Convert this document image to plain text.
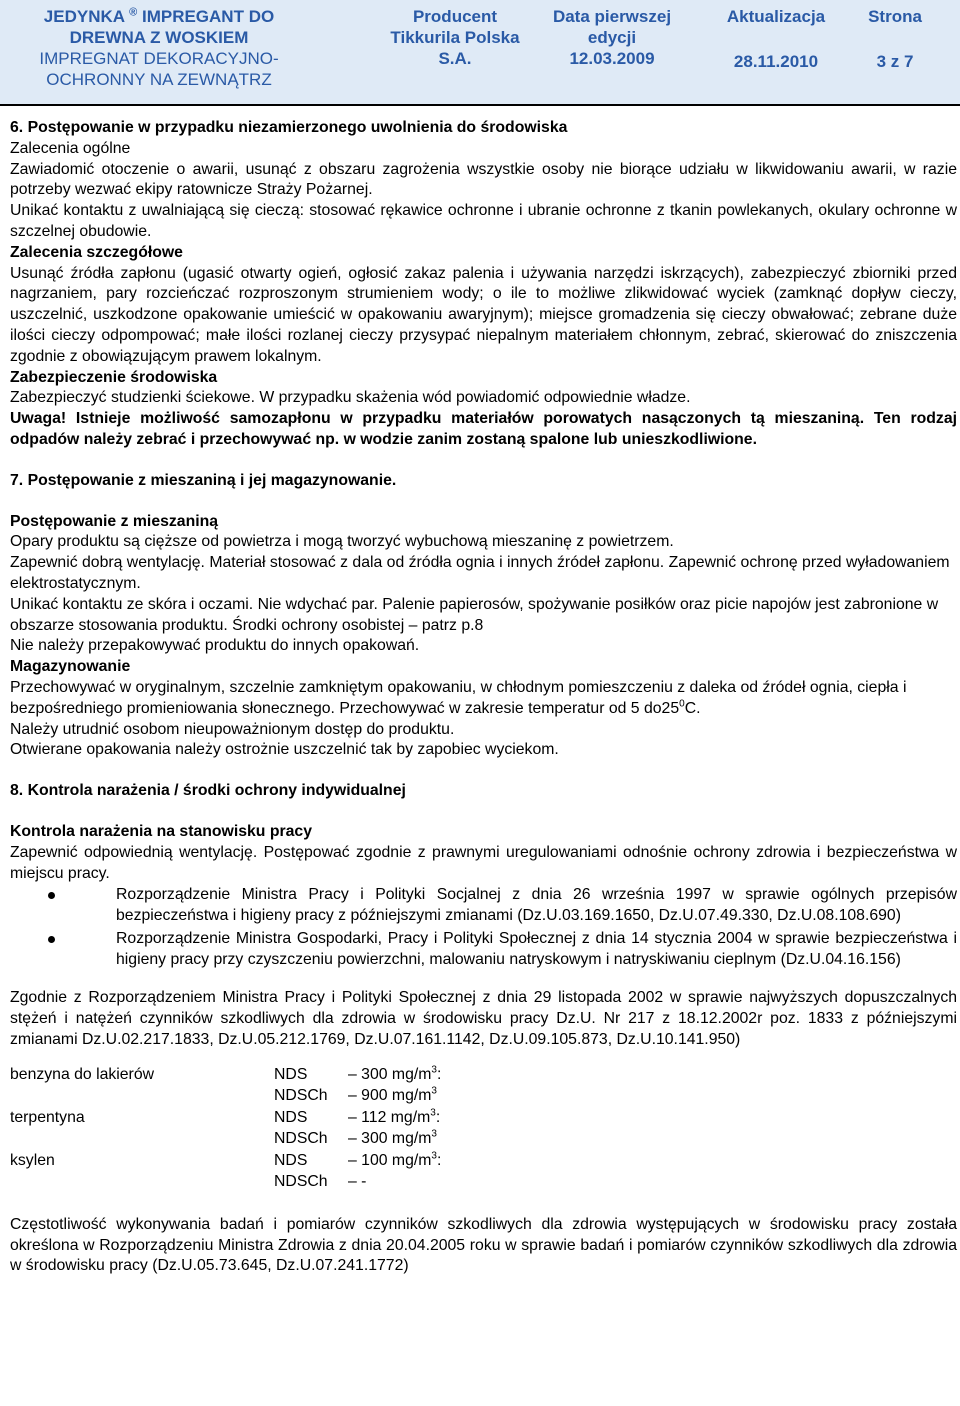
JEDYNKA ® IMPREGANT DO
DREWNA Z WOSKIEM
IMPREGNAT DEKORACYJNO-
OCHRONNY NA ZEWNĄTRZ
Producent
Tikkurila Polska
S.A.
Data pierwszej
edycji
12.03.2009
Aktualizacja
28.11.2010
Strona
3 z 7

6. Postępowanie w przypadku niezamierzonego uwolnienia do środowiska

Zalecenia ogólne

Zawiadomić otoczenie o awarii, usunąć z obszaru zagrożenia wszystkie osoby nie biorące udziału w likwidowaniu awarii, w razie potrzeby wezwać ekipy ratownicze Straży Pożarnej.

Unikać kontaktu z uwalniającą się cieczą: stosować rękawice ochronne i ubranie ochronne z tkanin powlekanych, okulary ochronne w szczelnej obudowie.

Zalecenia szczegółowe

Usunąć źródła zapłonu (ugasić otwarty ogień, ogłosić zakaz palenia i używania narzędzi iskrzących), zabezpieczyć zbiorniki przed nagrzaniem, pary rozcieńczać rozproszonym strumieniem wody; o ile to możliwe zlikwidować wyciek (zamknąć dopływ cieczy, uszczelnić, uszkodzone opakowanie umieścić w opakowaniu awaryjnym); miejsce gromadzenia się cieczy obwałować; zebrane duże ilości cieczy odpompować; małe ilości rozlanej cieczy przysypać niepalnym materiałem chłonnym, zebrać, skierować do zniszczenia zgodnie z obowiązującym prawem lokalnym.

Zabezpieczenie środowiska

Zabezpieczyć studzienki ściekowe. W przypadku skażenia wód powiadomić odpowiednie władze.

Uwaga! Istnieje możliwość samozapłonu w przypadku materiałów porowatych nasączonych tą mieszaniną. Ten rodzaj odpadów należy zebrać i przechowywać np. w wodzie zanim zostaną spalone lub unieszkodliwione.

7. Postępowanie z mieszaniną i jej magazynowanie.

Postępowanie z mieszaniną

Opary produktu są cięższe od powietrza i mogą tworzyć wybuchową mieszaninę z powietrzem.

Zapewnić dobrą wentylację. Materiał stosować z dala od źródła ognia i innych źródeł zapłonu. Zapewnić ochronę przed wyładowaniem elektrostatycznym.

Unikać kontaktu ze skóra i oczami. Nie wdychać par. Palenie papierosów, spożywanie posiłków oraz picie napojów jest zabronione w obszarze stosowania produktu. Środki ochrony osobistej – patrz p.8

Nie należy przepakowywać produktu do innych opakowań.

Magazynowanie

Przechowywać w oryginalnym, szczelnie zamkniętym opakowaniu, w chłodnym pomieszczeniu z daleka od źródeł ognia, ciepła i bezpośredniego promieniowania słonecznego. Przechowywać w zakresie temperatur od 5 $do25^0C$.

Należy utrudnić osobom nieupoważnionym dostęp do produktu.

Otwierane opakowania należy ostrożnie uszczelnić tak by zapobiec wyciekom.

8. Kontrola narażenia / środki ochrony indywidualnej

Kontrola narażenia na stanowisku pracy

Zapewnić odpowiednią wentylację. Postępować zgodnie z prawnymi uregulowaniami odnośnie ochrony zdrowia i bezpieczeństwa w miejscu pracy.

Rozporządzenie Ministra Pracy i Polityki Socjalnej z dnia 26 września 1997 w sprawie ogólnych przepisów bezpieczeństwa i higieny pracy z późniejszymi zmianami (Dz.U.03.169.1650, Dz.U.07.49.330, Dz.U.08.108.690)
Rozporządzenie Ministra Gospodarki, Pracy i Polityki Społecznej z dnia 14 stycznia 2004 w sprawie bezpieczeństwa i higieny pracy przy czyszczeniu powierzchni, malowaniu natryskowym i natryskiwaniu cieplnym (Dz.U.04.16.156)

Zgodnie z Rozporządzeniem Ministra Pracy i Polityki Społecznej z dnia 29 listopada 2002 w sprawie najwyższych dopuszczalnych stężeń i natężeń czynników szkodliwych dla zdrowia w środowisku pracy Dz.U. Nr 217 z 18.12.2002r poz. 1833 z późniejszymi zmianami Dz.U.02.217.1833, Dz.U.05.212.1769, Dz.U.07.161.1142, Dz.U.09.105.873, Dz.U.10.141.950)

benzyna do lakierów	NDS	– 300 $mg/m^3$:
NDSCh – 900 $mg/m^3$
terpentyna	NDS	– 112 $mg/m^3$:
NDSCh – 300 $mg/m^3$
ksylen	NDS	– 100 $mg/m^3$:
NDSCh – -

Częstotliwość wykonywania badań i pomiarów czynników szkodliwych dla zdrowia występujących w środowisku pracy została określona w Rozporządzeniu Ministra Zdrowia z dnia 20.04.2005 roku w sprawie badań i pomiarów czynników szkodliwych dla zdrowia w środowisku pracy (Dz.U.05.73.645, Dz.U.07.241.1772)
